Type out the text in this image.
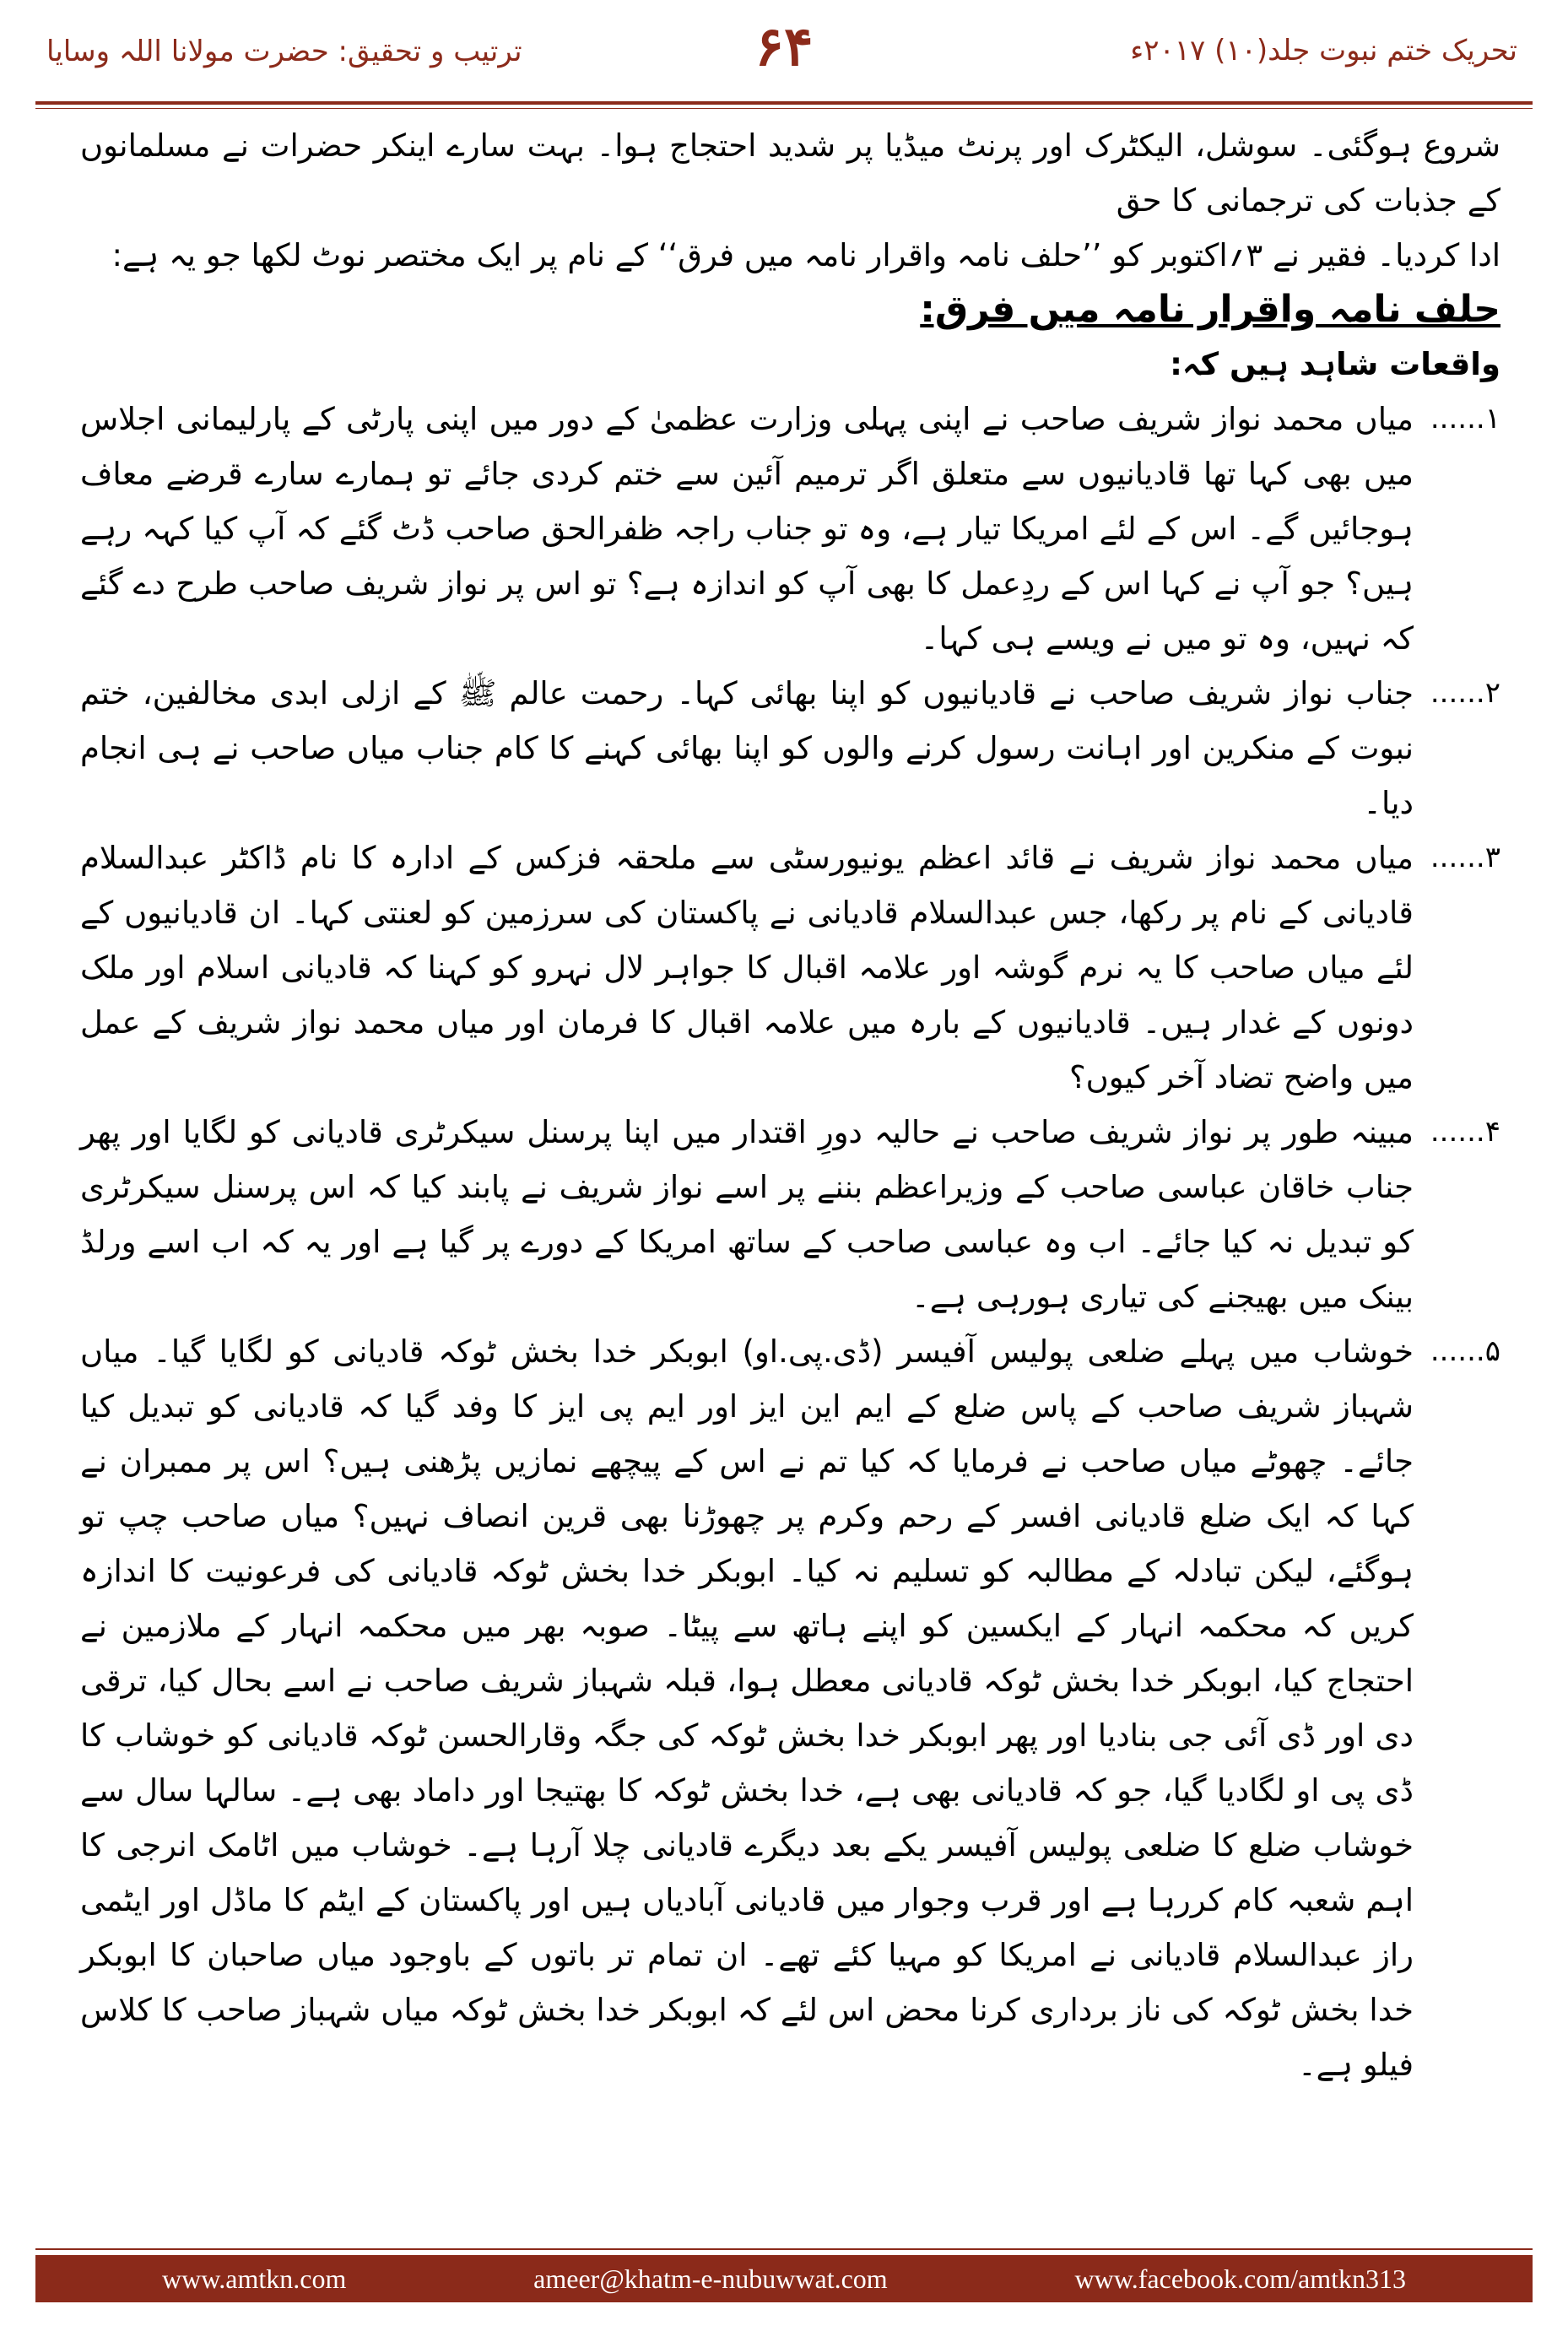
ترتیب و تحقیق: حضرت مولانا اللہ وسایا	۶۴	تحریک ختم نبوت جلد(۱۰) ۲۰۱۷ء

شروع ہوگئی۔ سوشل، الیکٹرک اور پرنٹ میڈیا پر شدید احتجاج ہوا۔ بہت سارے اینکر حضرات نے مسلمانوں کے جذبات کی ترجمانی کا حق

ادا کردیا۔ فقیر نے ۳؍اکتوبر کو ’’حلف نامہ واقرار نامہ میں فرق‘‘ کے نام پر ایک مختصر نوٹ لکھا جو یہ ہے:

حلف نامہ واقرار نامہ میں فرق:

واقعات شاہد ہیں کہ:

۱......
میاں محمد نواز شریف صاحب نے اپنی پہلی وزارت عظمیٰ کے دور میں اپنی پارٹی کے پارلیمانی اجلاس میں بھی کہا تھا قادیانیوں سے متعلق اگر ترمیم آئین سے ختم کردی جائے تو ہمارے سارے قرضے معاف ہوجائیں گے۔ اس کے لئے امریکا تیار ہے، وہ تو جناب راجہ ظفرالحق صاحب ڈٹ گئے کہ آپ کیا کہہ رہے ہیں؟ جو آپ نے کہا اس کے ردِعمل کا بھی آپ کو اندازہ ہے؟ تو اس پر نواز شریف صاحب طرح دے گئے کہ نہیں، وہ تو میں نے ویسے ہی کہا۔
۲......
جناب نواز شریف صاحب نے قادیانیوں کو اپنا بھائی کہا۔ رحمت عالم ﷺ کے ازلی ابدی مخالفین، ختم نبوت کے منکرین اور اہانت رسول کرنے والوں کو اپنا بھائی کہنے کا کام جناب میاں صاحب نے ہی انجام دیا۔
۳......
میاں محمد نواز شریف نے قائد اعظم یونیورسٹی سے ملحقہ فزکس کے ادارہ کا نام ڈاکٹر عبدالسلام قادیانی کے نام پر رکھا، جس عبدالسلام قادیانی نے پاکستان کی سرزمین کو لعنتی کہا۔ ان قادیانیوں کے لئے میاں صاحب کا یہ نرم گوشہ اور علامہ اقبال کا جواہر لال نہرو کو کہنا کہ قادیانی اسلام اور ملک دونوں کے غدار ہیں۔ قادیانیوں کے بارہ میں علامہ اقبال کا فرمان اور میاں محمد نواز شریف کے عمل میں واضح تضاد آخر کیوں؟
۴......
مبینہ طور پر نواز شریف صاحب نے حالیہ دورِ اقتدار میں اپنا پرسنل سیکرٹری قادیانی کو لگایا اور پھر جناب خاقان عباسی صاحب کے وزیراعظم بننے پر اسے نواز شریف نے پابند کیا کہ اس پرسنل سیکرٹری کو تبدیل نہ کیا جائے۔ اب وہ عباسی صاحب کے ساتھ امریکا کے دورے پر گیا ہے اور یہ کہ اب اسے ورلڈ بینک میں بھیجنے کی تیاری ہورہی ہے۔
۵......
خوشاب میں پہلے ضلعی پولیس آفیسر (ڈی.پی.او) ابوبکر خدا بخش ٹوکہ قادیانی کو لگایا گیا۔ میاں شہباز شریف صاحب کے پاس ضلع کے ایم این ایز اور ایم پی ایز کا وفد گیا کہ قادیانی کو تبدیل کیا جائے۔ چھوٹے میاں صاحب نے فرمایا کہ کیا تم نے اس کے پیچھے نمازیں پڑھنی ہیں؟ اس پر ممبران نے کہا کہ ایک ضلع قادیانی افسر کے رحم وکرم پر چھوڑنا بھی قرین انصاف نہیں؟ میاں صاحب چپ تو ہوگئے، لیکن تبادلہ کے مطالبہ کو تسلیم نہ کیا۔ ابوبکر خدا بخش ٹوکہ قادیانی کی فرعونیت کا اندازہ کریں کہ محکمہ انہار کے ایکسین کو اپنے ہاتھ سے پیٹا۔ صوبہ بھر میں محکمہ انہار کے ملازمین نے احتجاج کیا، ابوبکر خدا بخش ٹوکہ قادیانی معطل ہوا، قبلہ شہباز شریف صاحب نے اسے بحال کیا، ترقی دی اور ڈی آئی جی بنادیا اور پھر ابوبکر خدا بخش ٹوکہ کی جگہ وقارالحسن ٹوکہ قادیانی کو خوشاب کا ڈی پی او لگادیا گیا، جو کہ قادیانی بھی ہے، خدا بخش ٹوکہ کا بھتیجا اور داماد بھی ہے۔ سالہا سال سے خوشاب ضلع کا ضلعی پولیس آفیسر یکے بعد دیگرے قادیانی چلا آرہا ہے۔ خوشاب میں اٹامک انرجی کا اہم شعبہ کام کررہا ہے اور قرب وجوار میں قادیانی آبادیاں ہیں اور پاکستان کے ایٹم کا ماڈل اور ایٹمی راز عبدالسلام قادیانی نے امریکا کو مہیا کئے تھے۔ ان تمام تر باتوں کے باوجود میاں صاحبان کا ابوبکر خدا بخش ٹوکہ کی ناز برداری کرنا محض اس لئے کہ ابوبکر خدا بخش ٹوکہ میاں شہباز صاحب کا کلاس فیلو ہے۔
www.amtkn.com	ameer@khatm-e-nubuwwat.com	www.facebook.com/amtkn313
